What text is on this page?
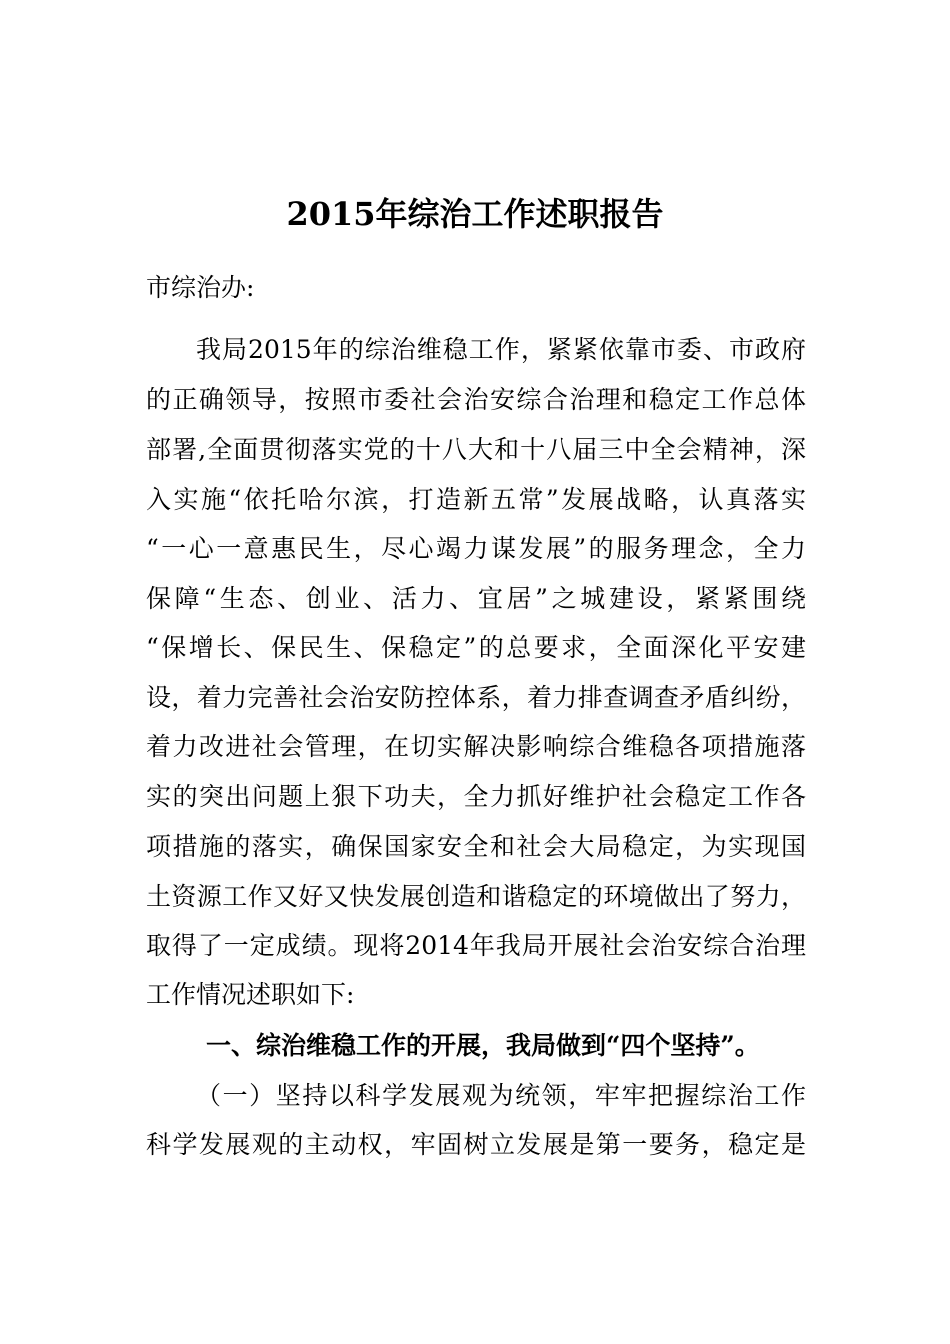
2015年综治工作述职报告
市综治办:
我局2015年的综治维稳工作，紧紧依靠市委、市政府
的正确领导，按照市委社会治安综合治理和稳定工作总体
部署,全面贯彻落实党的十八大和十八届三中全会精神，深
入实施“依托哈尔滨，打造新五常”发展战略，认真落实
“一心一意惠民生，尽心竭力谋发展”的服务理念，全力
保障“生态、创业、活力、宜居”之城建设，紧紧围绕
“保增长、保民生、保稳定”的总要求，全面深化平安建
设，着力完善社会治安防控体系，着力排查调查矛盾纠纷，
着力改进社会管理，在切实解决影响综合维稳各项措施落
实的突出问题上狠下功夫，全力抓好维护社会稳定工作各
项措施的落实，确保国家安全和社会大局稳定，为实现国
土资源工作又好又快发展创造和谐稳定的环境做出了努力，
取得了一定成绩。现将2014年我局开展社会治安综合治理
工作情况述职如下:
一、综治维稳工作的开展，我局做到“四个坚持”。
（一）坚持以科学发展观为统领，牢牢把握综治工作
科学发展观的主动权，牢固树立发展是第一要务，稳定是
